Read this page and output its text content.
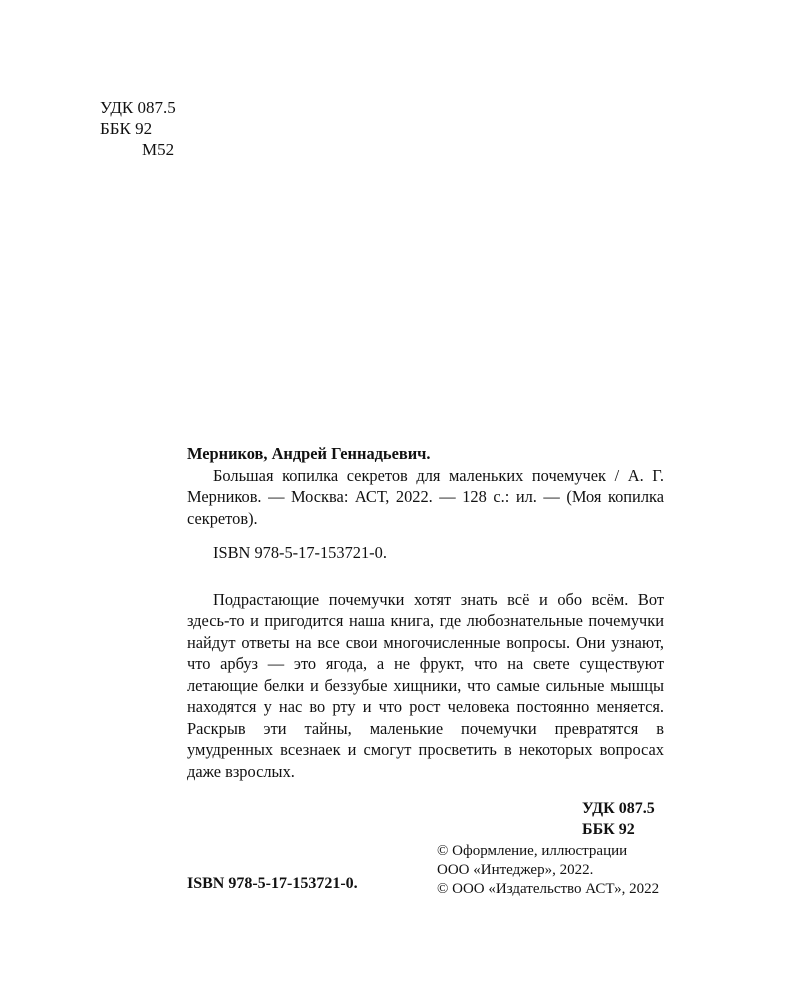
УДК 087.5
ББК 92
М52
Мерников, Андрей Геннадьевич.

Большая копилка секретов для маленьких почемучек / А. Г. Мерников. — Москва: АСТ, 2022. — 128 с.: ил. — (Моя копилка секретов).

ISBN 978-5-17-153721-0.

Подрастающие почемучки хотят знать всё и обо всём. Вот здесь-то и пригодится наша книга, где любознательные почемучки найдут ответы на все свои многочисленные вопросы. Они узнают, что арбуз — это ягода, а не фрукт, что на свете существуют летающие белки и беззубые хищники, что самые сильные мышцы находятся у нас во рту и что рост человека постоянно меняется. Раскрыв эти тайны, маленькие почемучки превратятся в умудренных всезнаек и смогут просветить в некоторых вопросах даже взрослых.

УДК 087.5
ББК 92
ISBN 978-5-17-153721-0.
© Оформление, иллюстрации
ООО «Интеджер», 2022.
© ООО «Издательство АСТ», 2022
